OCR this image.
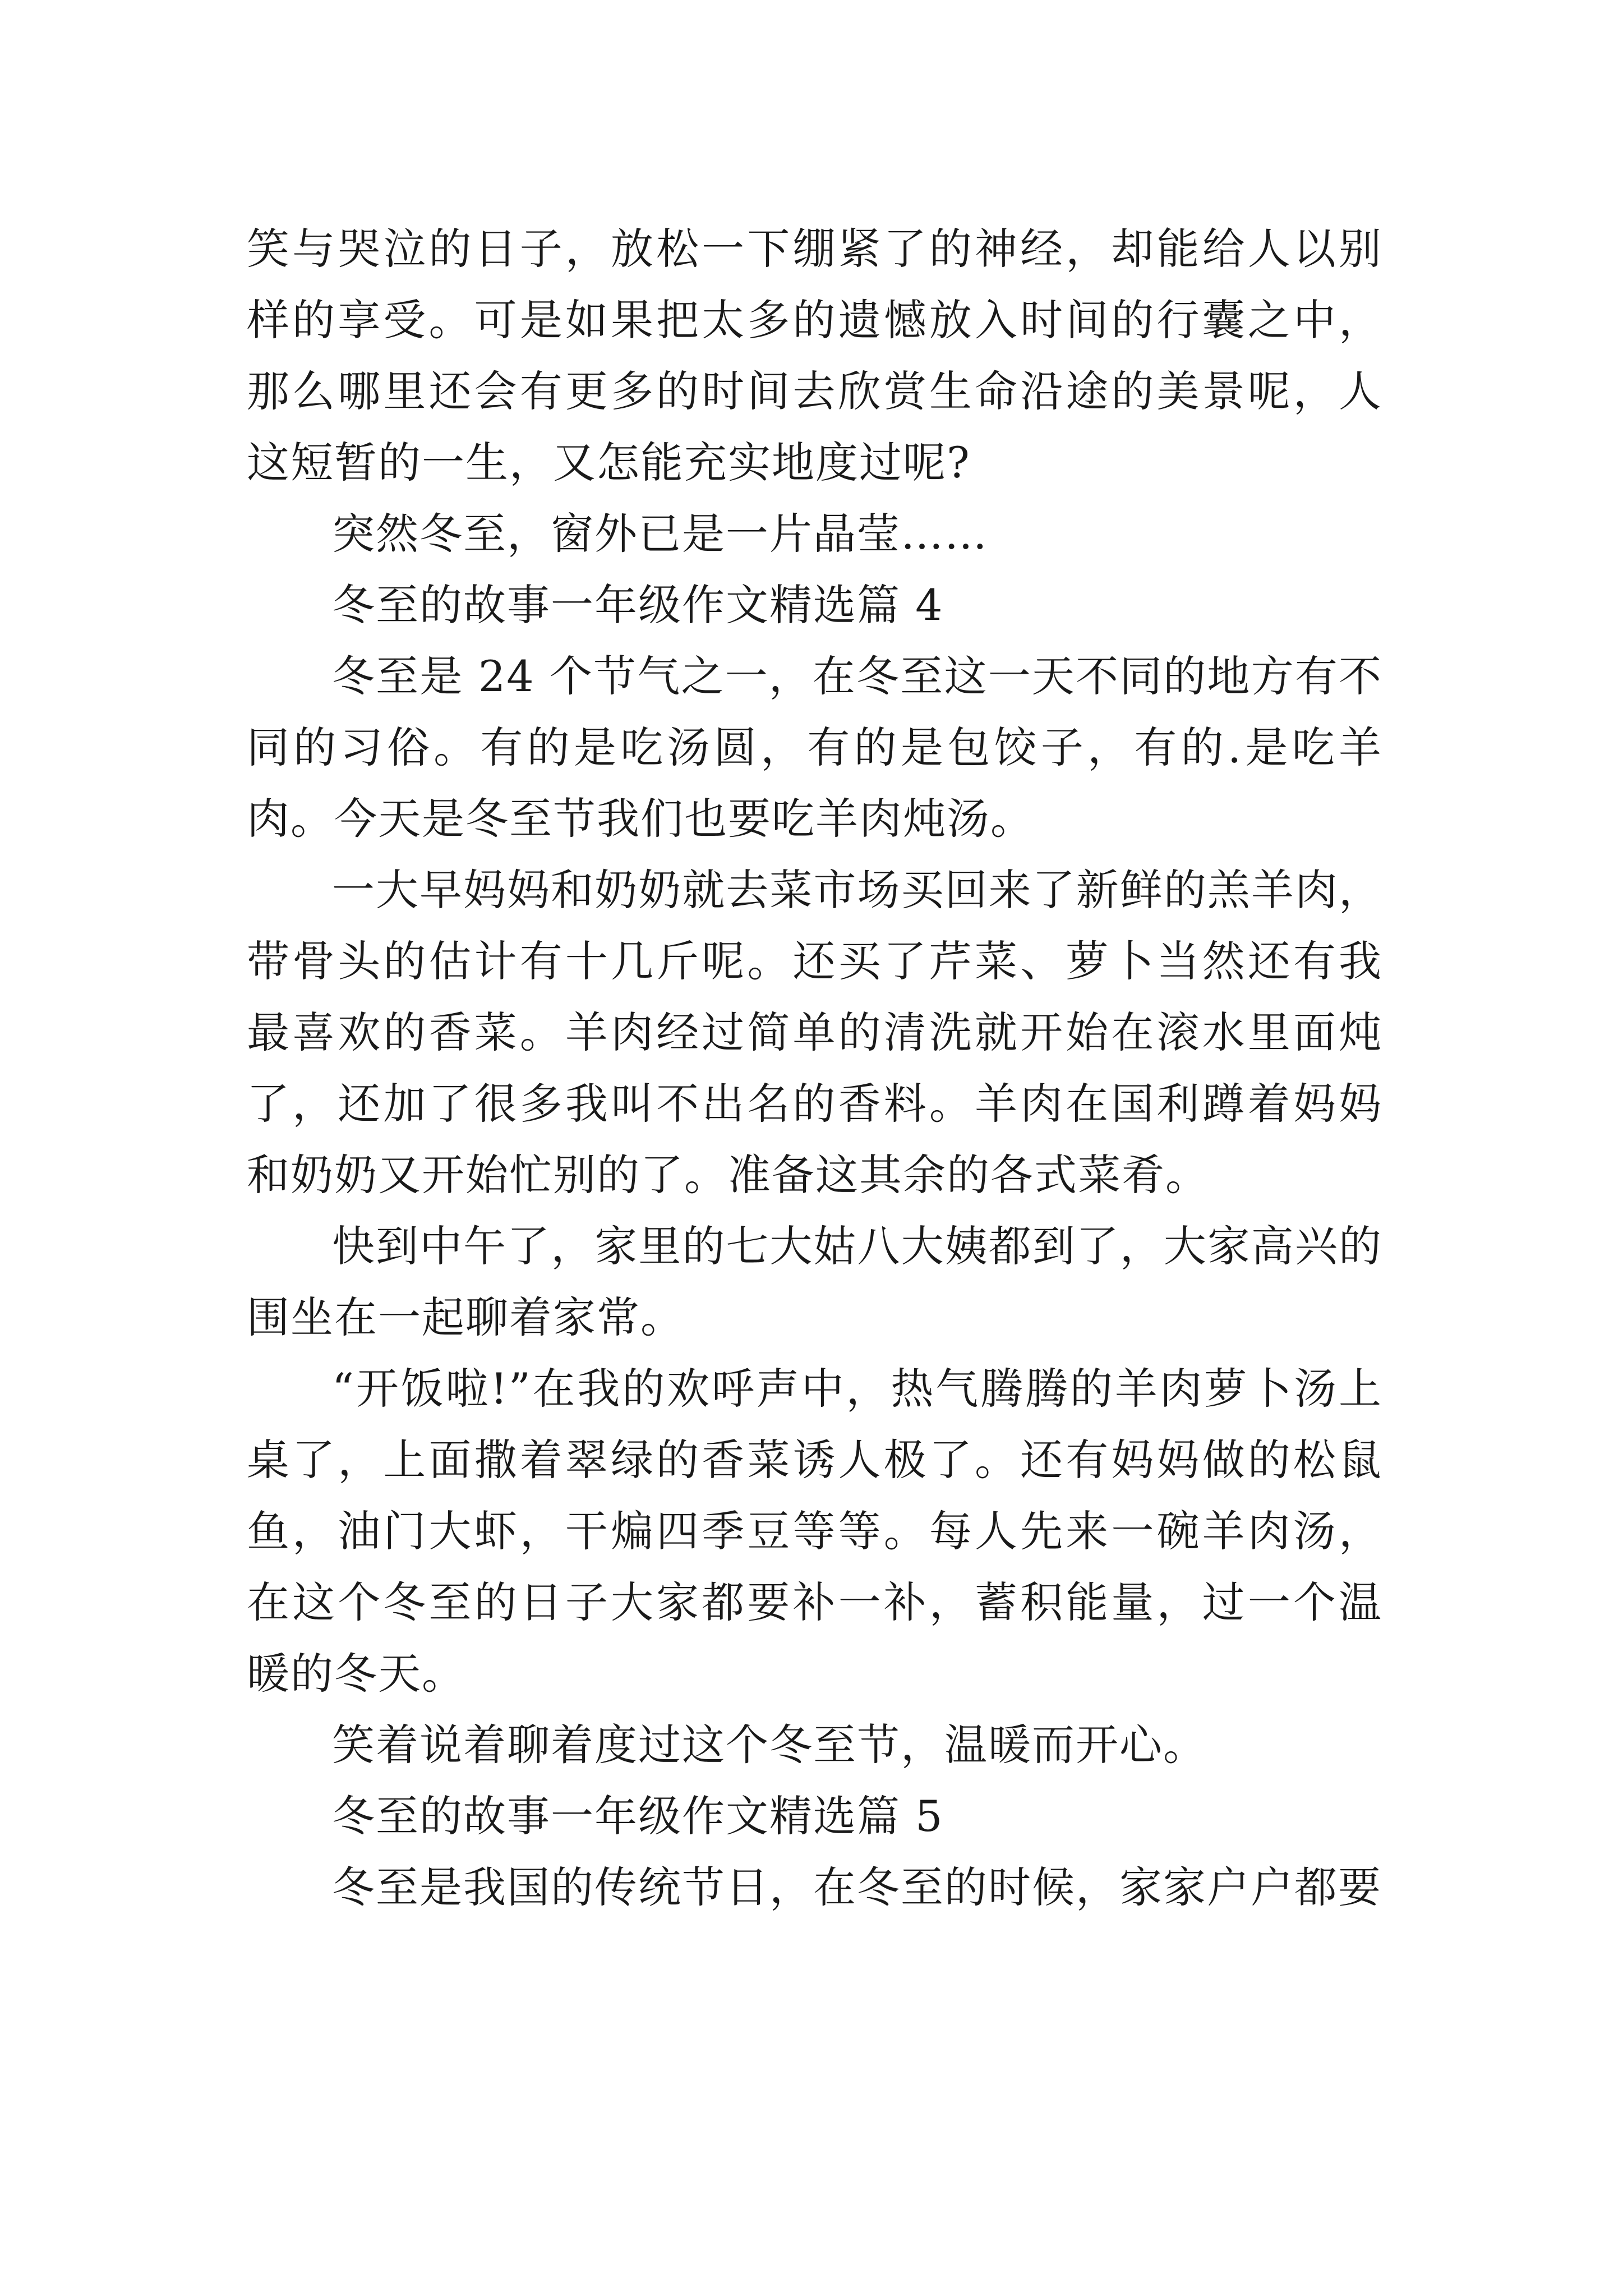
笑与哭泣的日子，放松一下绷紧了的神经，却能给人以别样的享受。可是如果把太多的遗憾放入时间的行囊之中，那么哪里还会有更多的时间去欣赏生命沿途的美景呢，人这短暂的一生，又怎能充实地度过呢?

突然冬至，窗外已是一片晶莹……

冬至的故事一年级作文精选篇 4

冬至是 24 个节气之一，在冬至这一天不同的地方有不同的习俗。有的是吃汤圆，有的是包饺子，有的.是吃羊肉。今天是冬至节我们也要吃羊肉炖汤。

一大早妈妈和奶奶就去菜市场买回来了新鲜的羔羊肉，带骨头的估计有十几斤呢。还买了芹菜、萝卜当然还有我最喜欢的香菜。羊肉经过简单的清洗就开始在滚水里面炖了，还加了很多我叫不出名的香料。羊肉在国利蹲着妈妈和奶奶又开始忙别的了。准备这其余的各式菜肴。

快到中午了，家里的七大姑八大姨都到了，大家高兴的围坐在一起聊着家常。

“开饭啦!”在我的欢呼声中，热气腾腾的羊肉萝卜汤上桌了，上面撒着翠绿的香菜诱人极了。还有妈妈做的松鼠鱼，油门大虾，干煸四季豆等等。每人先来一碗羊肉汤，在这个冬至的日子大家都要补一补，蓄积能量，过一个温暖的冬天。

笑着说着聊着度过这个冬至节，温暖而开心。

冬至的故事一年级作文精选篇 5

冬至是我国的传统节日，在冬至的时候，家家户户都要
